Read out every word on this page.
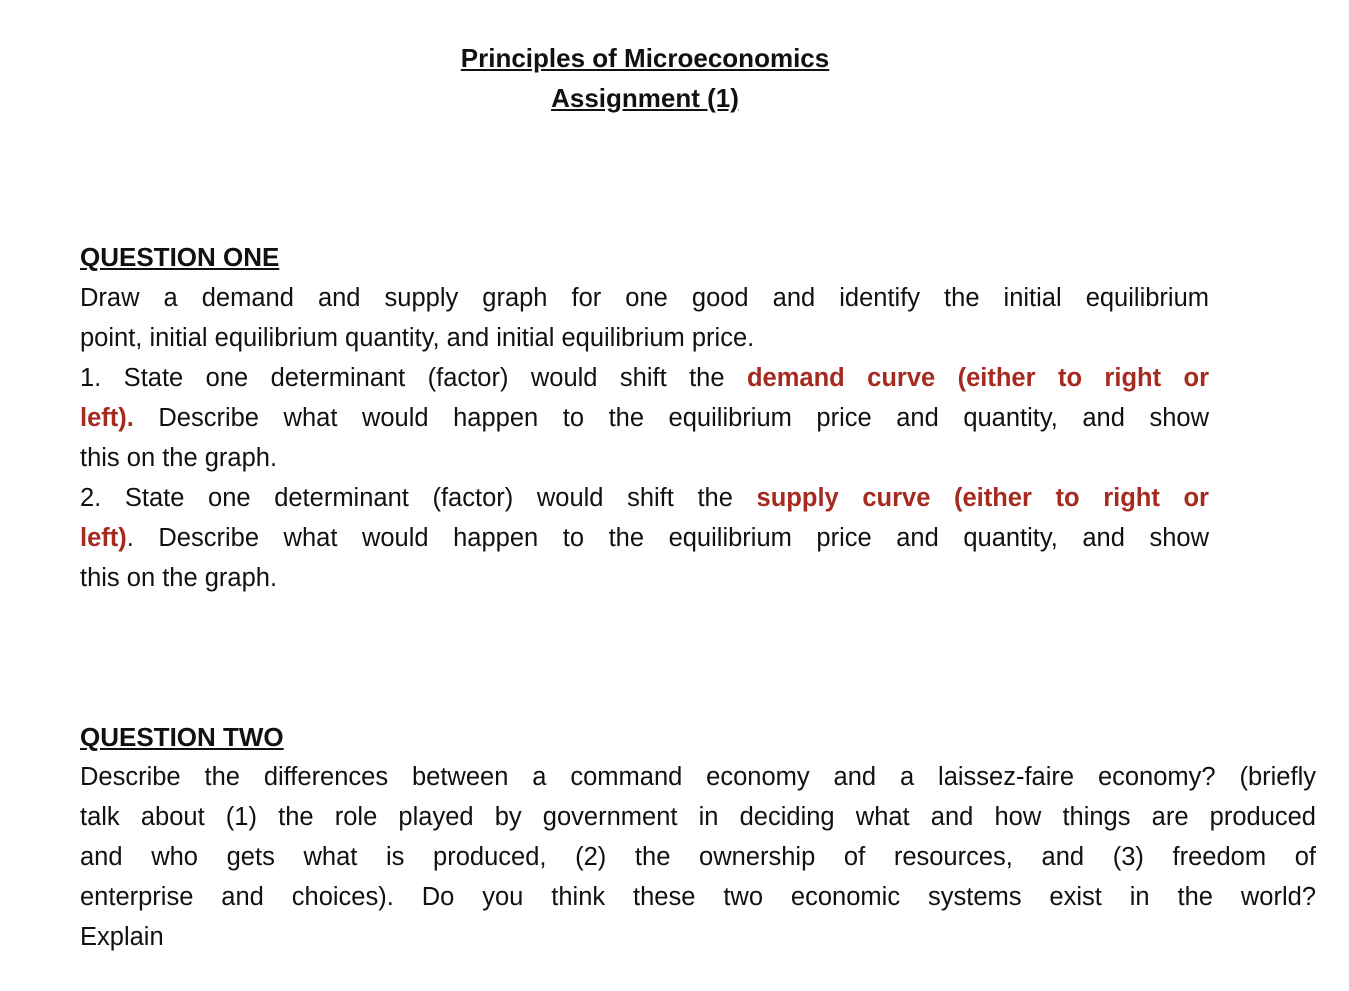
Principles of Microeconomics
Assignment (1)
QUESTION ONE
Draw a demand and supply graph for one good and identify the initial equilibrium
point, initial equilibrium quantity, and initial equilibrium price.
1. State one determinant (factor) would shift the demand curve (either to right or
left). Describe what would happen to the equilibrium price and quantity, and show
this on the graph.
2. State one determinant (factor) would shift the supply curve (either to right or
left). Describe what would happen to the equilibrium price and quantity, and show
this on the graph.
QUESTION TWO
Describe the differences between a command economy and a laissez-faire economy? (briefly
talk about (1) the role played by government in deciding what and how things are produced
and who gets what is produced, (2) the ownership of resources, and (3) freedom of
enterprise and choices). Do you think these two economic systems exist in the world?
Explain
